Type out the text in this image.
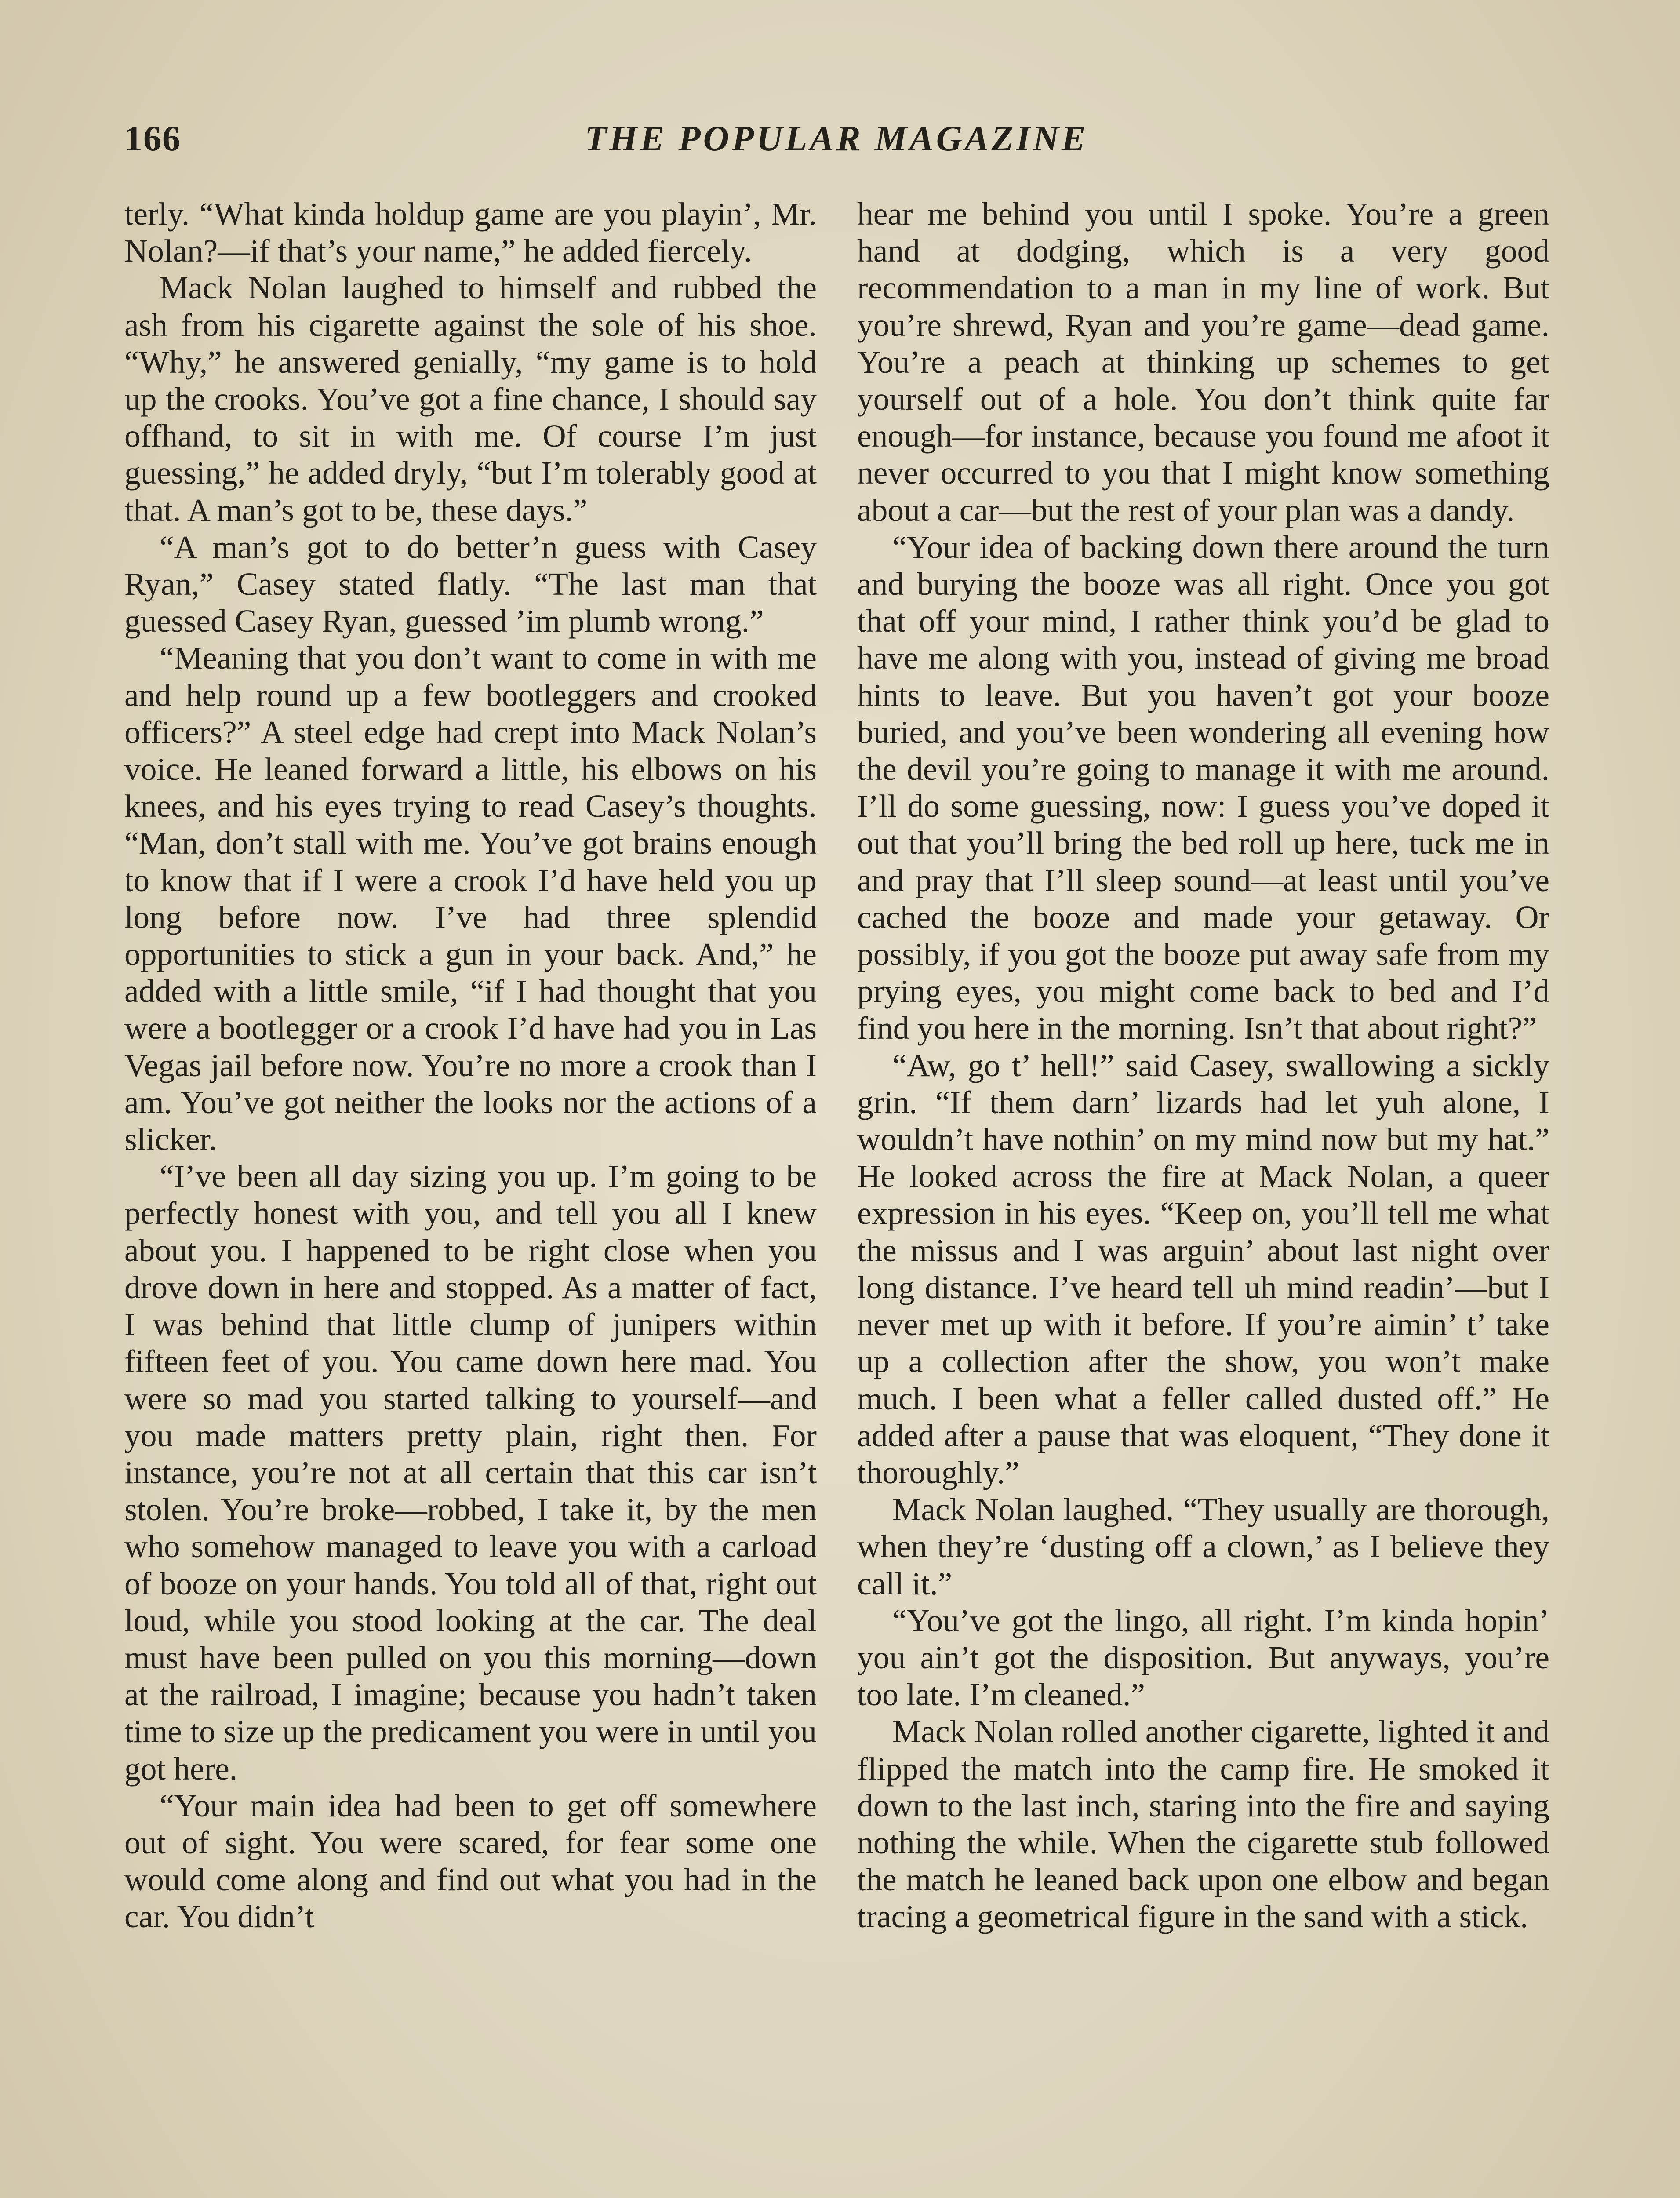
166	THE POPULAR MAGAZINE

terly. “What kinda holdup game are you playin’, Mr. Nolan?—if that’s your name,” he added fiercely.

Mack Nolan laughed to himself and rubbed the ash from his cigarette against the sole of his shoe. “Why,” he answered genially, “my game is to hold up the crooks. You’ve got a fine chance, I should say offhand, to sit in with me. Of course I’m just guessing,” he added dryly, “but I’m tolerably good at that. A man’s got to be, these days.”

“A man’s got to do better’n guess with Casey Ryan,” Casey stated flatly. “The last man that guessed Casey Ryan, guessed ’im plumb wrong.”

“Meaning that you don’t want to come in with me and help round up a few bootleggers and crooked officers?” A steel edge had crept into Mack Nolan’s voice. He leaned forward a little, his elbows on his knees, and his eyes trying to read Casey’s thoughts. “Man, don’t stall with me. You’ve got brains enough to know that if I were a crook I’d have held you up long before now. I’ve had three splendid opportunities to stick a gun in your back. And,” he added with a little smile, “if I had thought that you were a bootlegger or a crook I’d have had you in Las Vegas jail before now. You’re no more a crook than I am. You’ve got neither the looks nor the actions of a slicker.

“I’ve been all day sizing you up. I’m going to be perfectly honest with you, and tell you all I knew about you. I happened to be right close when you drove down in here and stopped. As a matter of fact, I was behind that little clump of junipers within fifteen feet of you. You came down here mad. You were so mad you started talking to yourself—and you made matters pretty plain, right then. For instance, you’re not at all certain that this car isn’t stolen. You’re broke—robbed, I take it, by the men who somehow managed to leave you with a carload of booze on your hands. You told all of that, right out loud, while you stood looking at the car. The deal must have been pulled on you this morning—down at the railroad, I imagine; because you hadn’t taken time to size up the predicament you were in until you got here.

“Your main idea had been to get off somewhere out of sight. You were scared, for fear some one would come along and find out what you had in the car. You didn’t

hear me behind you until I spoke. You’re a green hand at dodging, which is a very good recommendation to a man in my line of work. But you’re shrewd, Ryan and you’re game—dead game. You’re a peach at thinking up schemes to get yourself out of a hole. You don’t think quite far enough—for instance, because you found me afoot it never occurred to you that I might know something about a car—but the rest of your plan was a dandy.

“Your idea of backing down there around the turn and burying the booze was all right. Once you got that off your mind, I rather think you’d be glad to have me along with you, instead of giving me broad hints to leave. But you haven’t got your booze buried, and you’ve been wondering all evening how the devil you’re going to manage it with me around. I’ll do some guessing, now: I guess you’ve doped it out that you’ll bring the bed roll up here, tuck me in and pray that I’ll sleep sound—at least until you’ve cached the booze and made your getaway. Or possibly, if you got the booze put away safe from my prying eyes, you might come back to bed and I’d find you here in the morning. Isn’t that about right?”

“Aw, go t’ hell!” said Casey, swallowing a sickly grin. “If them darn’ lizards had let yuh alone, I wouldn’t have nothin’ on my mind now but my hat.” He looked across the fire at Mack Nolan, a queer expression in his eyes. “Keep on, you’ll tell me what the missus and I was arguin’ about last night over long distance. I’ve heard tell uh mind readin’—but I never met up with it before. If you’re aimin’ t’ take up a collection after the show, you won’t make much. I been what a feller called dusted off.” He added after a pause that was eloquent, “They done it thoroughly.”

Mack Nolan laughed. “They usually are thorough, when they’re ‘dusting off a clown,’ as I believe they call it.”

“You’ve got the lingo, all right. I’m kinda hopin’ you ain’t got the disposition. But anyways, you’re too late. I’m cleaned.”

Mack Nolan rolled another cigarette, lighted it and flipped the match into the camp fire. He smoked it down to the last inch, staring into the fire and saying nothing the while. When the cigarette stub followed the match he leaned back upon one elbow and began tracing a geometrical figure in the sand with a stick.
